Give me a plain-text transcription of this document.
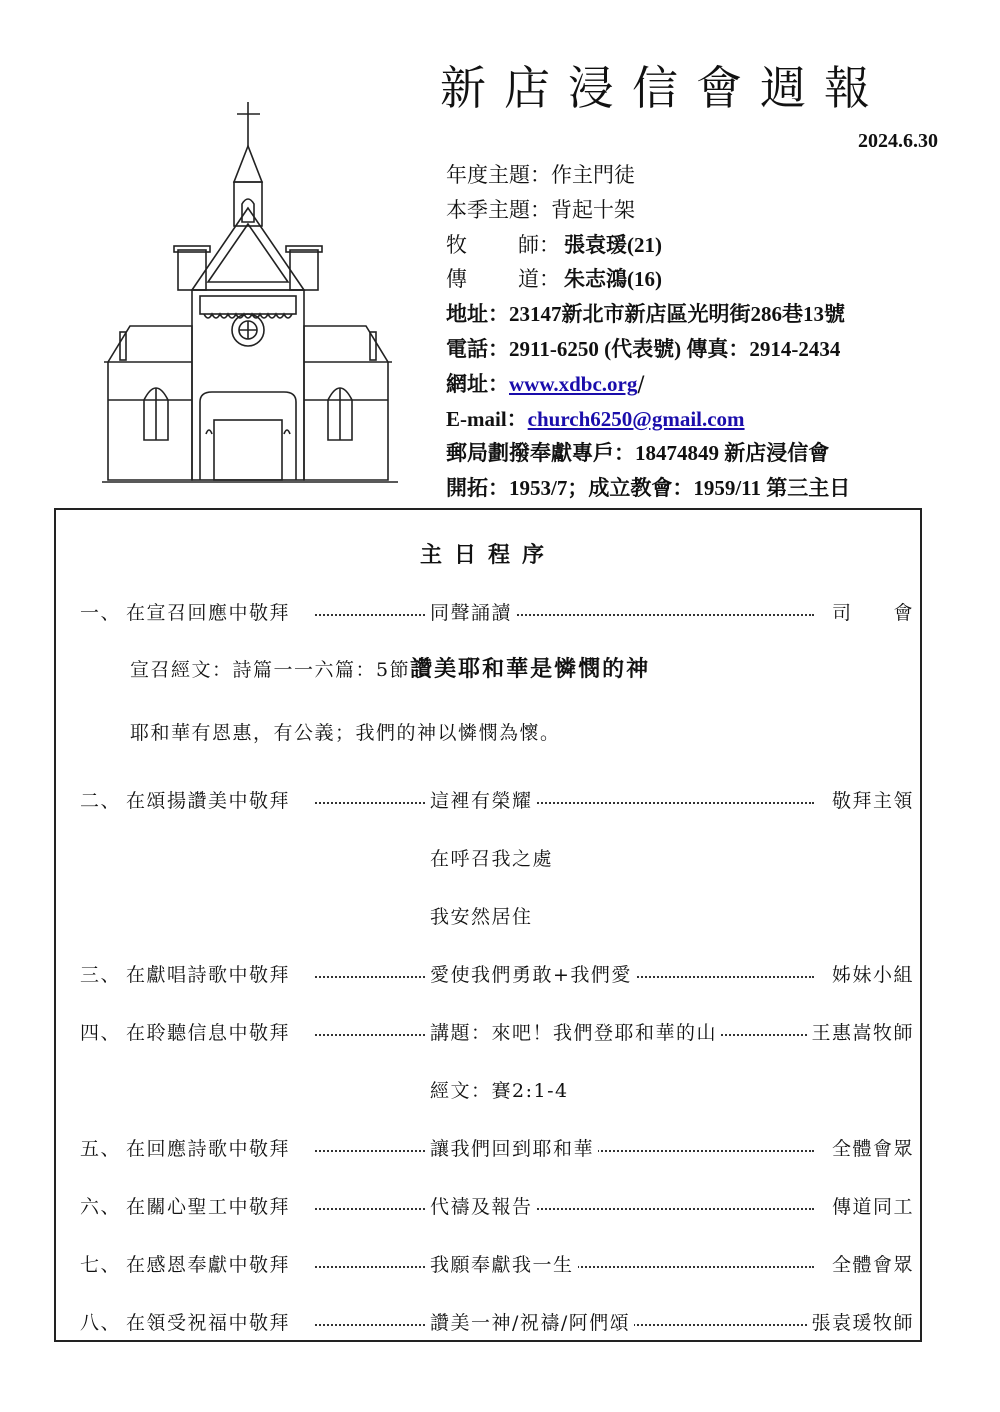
新店浸信會週報
2024.6.30
年度主題：作主門徒
本季主題：背起十架
牧 師： 張袁瑗(21)
傳 道： 朱志鴻(16)
地址：23147新北市新店區光明街286巷13號
電話：2911-6250 (代表號) 傳真：2914-2434
網址：www.xdbc.org/
E-mail：church6250@gmail.com
郵局劃撥奉獻專戶：18474849 新店浸信會
開拓：1953/7；成立教會：1959/11 第三主日
主日程序
一、 在宣召回應中敬拜	同聲誦讀	司　　會
宣召經文：詩篇一一六篇：5節讚美耶和華是憐憫的神
耶和華有恩惠，有公義；我們的神以憐憫為懷。
二、 在頌揚讚美中敬拜	這裡有榮耀	敬拜主領
在呼召我之處
我安然居住
三、 在獻唱詩歌中敬拜	愛使我們勇敢+我們愛	姊妹小組
四、 在聆聽信息中敬拜	講題：來吧！我們登耶和華的山	王惠嵩牧師
經文：賽2:1-4
五、 在回應詩歌中敬拜	讓我們回到耶和華	全體會眾
六、 在關心聖工中敬拜	代禱及報告	傳道同工
七、 在感恩奉獻中敬拜	我願奉獻我一生	全體會眾
八、 在領受祝福中敬拜	讚美一神/祝禱/阿們頌	張袁瑗牧師
